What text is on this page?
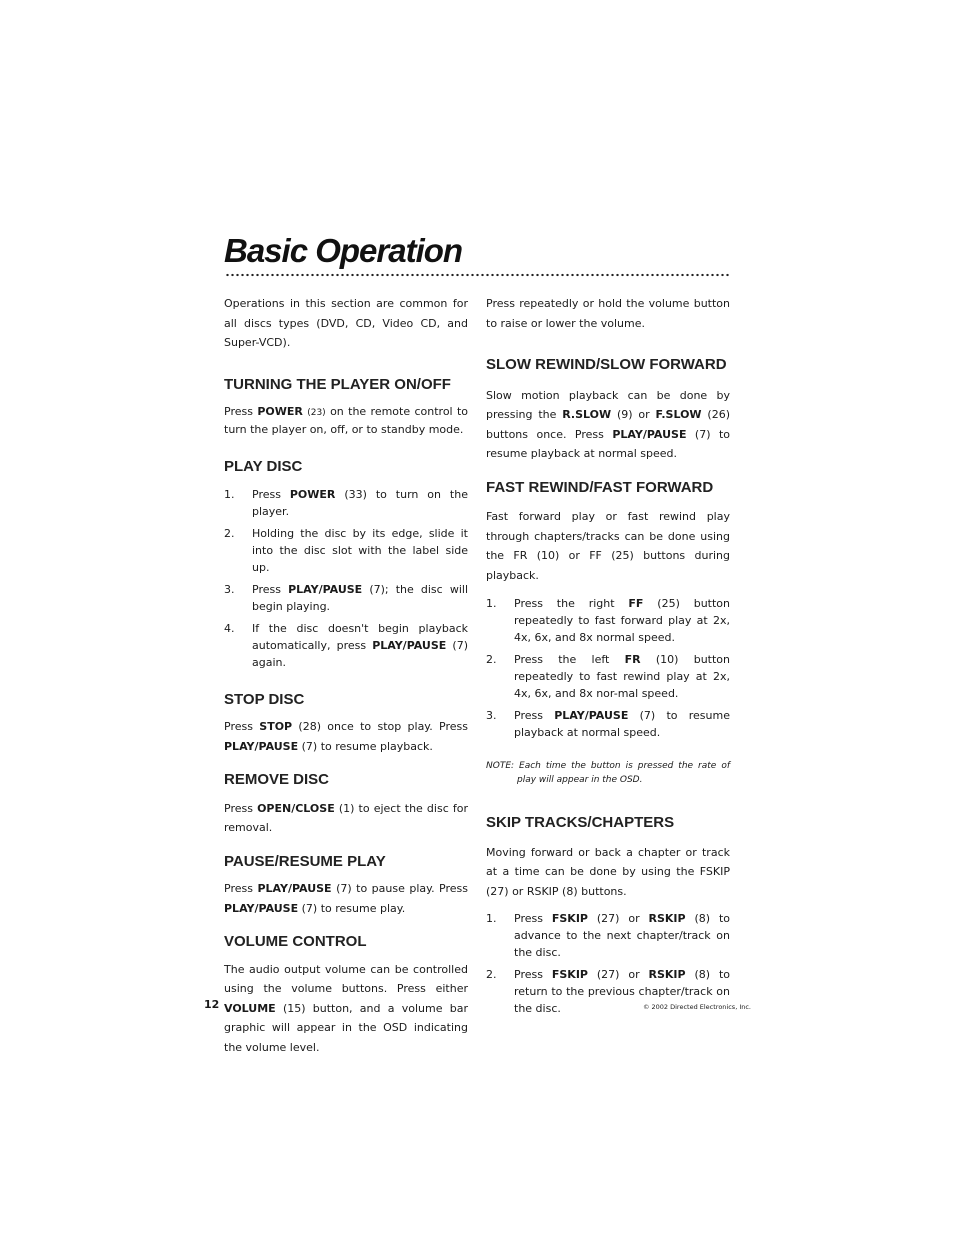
Basic Operation

Operations in this section are common for all discs types (DVD, CD, Video CD, and Super-VCD).

TURNING THE PLAYER ON/OFF

Press POWER (23) on the remote control to turn the player on, off, or to standby mode.

PLAY DISC
1. Press POWER (33) to turn on the player.
2. Holding the disc by its edge, slide it into the disc slot with the label side up.
3. Press PLAY/PAUSE (7); the disc will begin playing.
4. If the disc doesn't begin playback automatically, press PLAY/PAUSE (7) again.
STOP DISC

Press STOP (28) once to stop play. Press PLAY/PAUSE (7) to resume playback.

REMOVE DISC

Press OPEN/CLOSE (1) to eject the disc for removal.

PAUSE/RESUME PLAY

Press PLAY/PAUSE (7) to pause play. Press PLAY/PAUSE (7) to resume play.

VOLUME CONTROL

The audio output volume can be controlled using the volume buttons. Press either VOLUME (15) button, and a volume bar graphic will appear in the OSD indicating the volume level.

Press repeatedly or hold the volume button to raise or lower the volume.

SLOW REWIND/SLOW FORWARD

Slow motion playback can be done by pressing the R.SLOW (9) or F.SLOW (26) buttons once. Press PLAY/PAUSE (7) to resume playback at normal speed.

FAST REWIND/FAST FORWARD

Fast forward play or fast rewind play through chapters/tracks can be done using the FR (10) or FF (25) buttons during playback.

1. Press the right FF (25) button repeatedly to fast forward play at 2x, 4x, 6x, and 8x normal speed.
2. Press the left FR (10) button repeatedly to fast rewind play at 2x, 4x, 6x, and 8x nor-mal speed.
3. Press PLAY/PAUSE (7) to resume playback at normal speed.

NOTE: Each time the button is pressed the rate of play will appear in the OSD.

SKIP TRACKS/CHAPTERS

Moving forward or back a chapter or track at a time can be done by using the FSKIP (27) or RSKIP (8) buttons.

1. Press FSKIP (27) or RSKIP (8) to advance to the next chapter/track on the disc.
2. Press FSKIP (27) or RSKIP (8) to return to the previous chapter/track on the disc.
12	© 2002 Directed Electronics, Inc.
